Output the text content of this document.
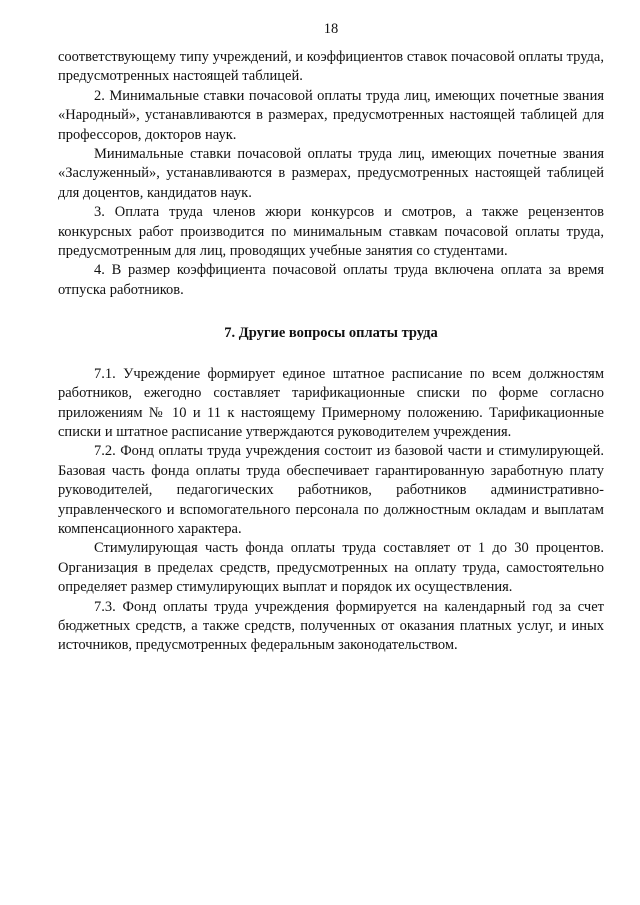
18

соответствующему типу учреждений, и коэффициентов ставок почасовой оплаты труда, предусмотренных настоящей таблицей.

2. Минимальные ставки почасовой оплаты труда лиц, имеющих почетные звания «Народный», устанавливаются в размерах, предусмотренных настоящей таблицей для профессоров, докторов наук.

Минимальные ставки почасовой оплаты труда лиц, имеющих почетные звания «Заслуженный», устанавливаются в размерах, предусмотренных настоящей таблицей для доцентов, кандидатов наук.

3. Оплата труда членов жюри конкурсов и смотров, а также рецензентов конкурсных работ производится по минимальным ставкам почасовой оплаты труда, предусмотренным для лиц, проводящих учебные занятия со студентами.

4. В размер коэффициента почасовой оплаты труда включена оплата за время отпуска работников.

7. Другие вопросы оплаты труда

7.1. Учреждение формирует единое штатное расписание по всем должностям работников, ежегодно составляет тарификационные списки по форме согласно приложениям № 10 и 11 к настоящему Примерному положению. Тарификационные списки и штатное расписание утверждаются руководителем учреждения.

7.2. Фонд оплаты труда учреждения состоит из базовой части и стимулирующей. Базовая часть фонда оплаты труда обеспечивает гарантированную заработную плату руководителей, педагогических работников, работников административно-управленческого и вспомогательного персонала по должностным окладам и выплатам компенсационного характера.

Стимулирующая часть фонда оплаты труда составляет от 1 до 30 процентов. Организация в пределах средств, предусмотренных на оплату труда, самостоятельно определяет размер стимулирующих выплат и порядок их осуществления.

7.3. Фонд оплаты труда учреждения формируется на календарный год за счет бюджетных средств, а также средств, полученных от оказания платных услуг, и иных источников, предусмотренных федеральным законодательством.
